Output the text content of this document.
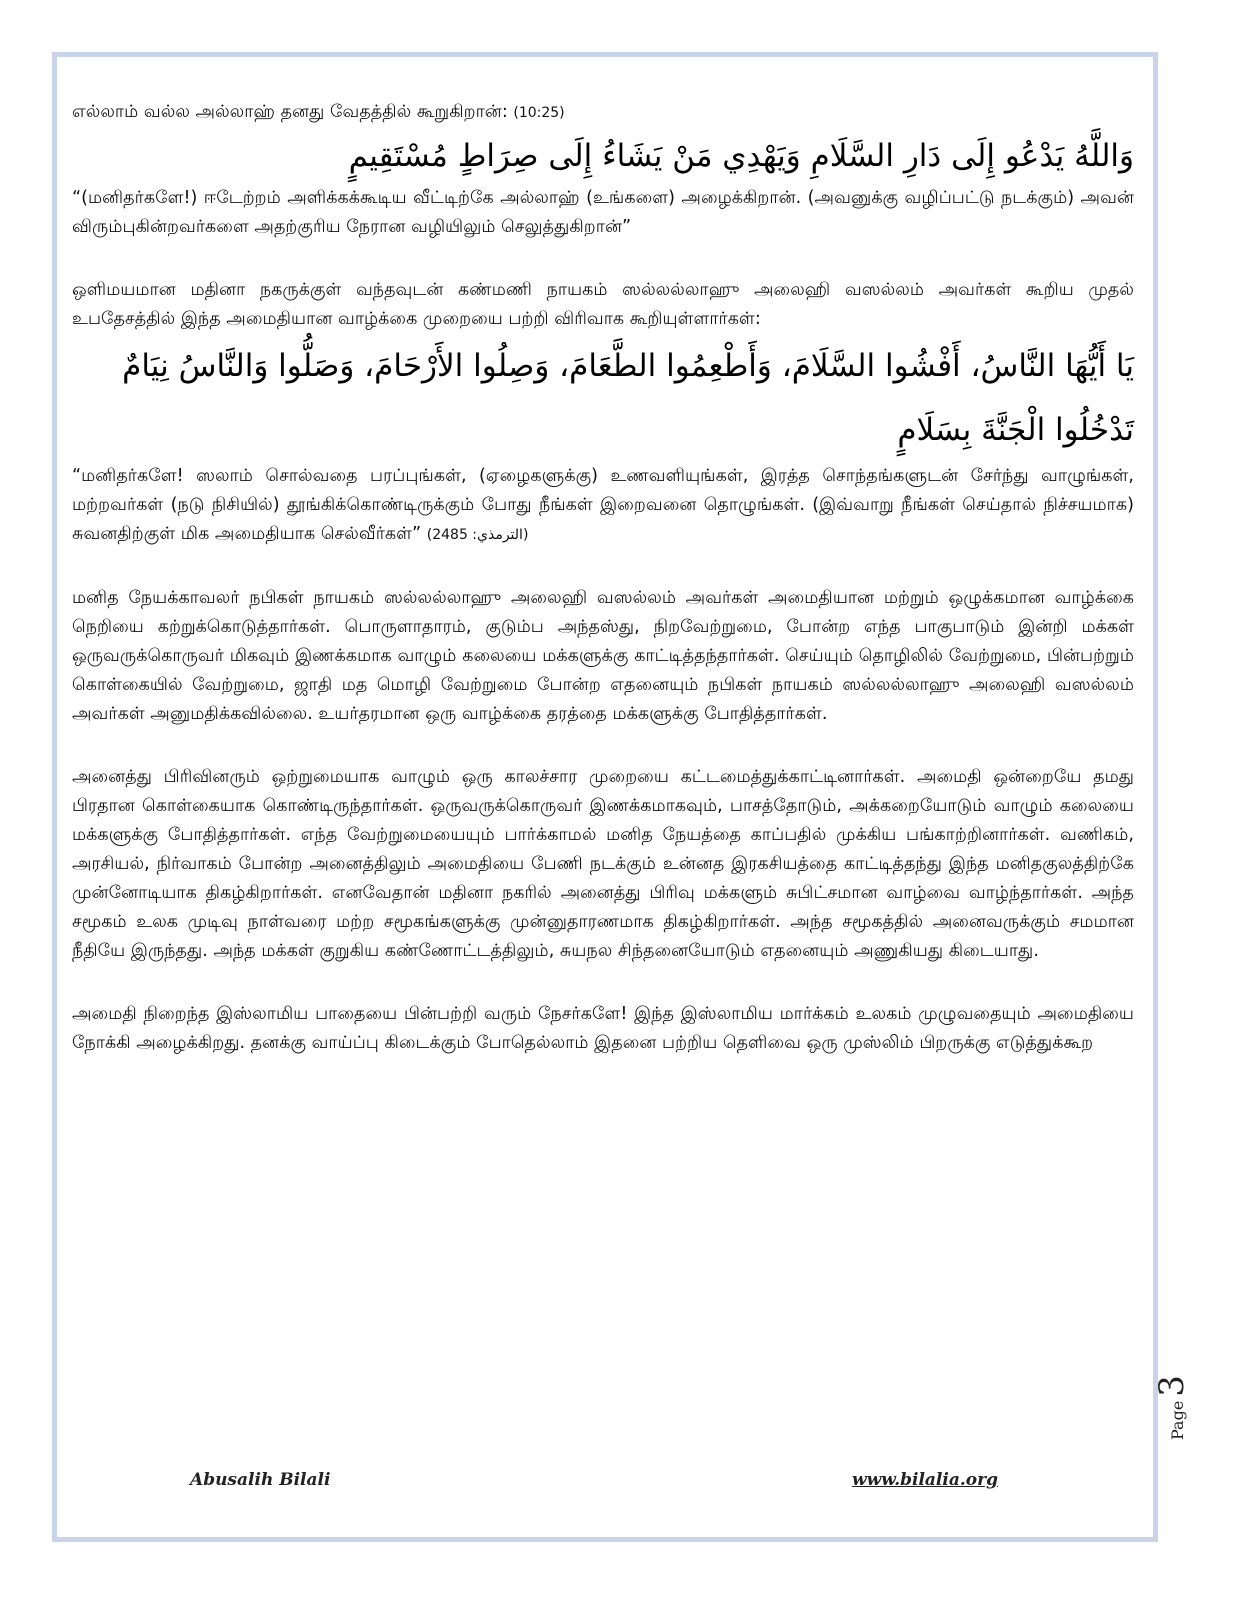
எல்லாம் வல்ல அல்லாஹ் தனது வேதத்தில் கூறுகிறான்: (10:25)

وَاللَّهُ يَدْعُو إِلَى دَارِ السَّلَامِ وَيَهْدِي مَنْ يَشَاءُ إِلَى صِرَاطٍ مُسْتَقِيمٍ

“(மனிதர்களே!) ஈடேற்றம் அளிக்கக்கூடிய வீட்டிற்கே அல்லாஹ் (உங்களை) அழைக்கிறான். (அவனுக்கு வழிப்பட்டு நடக்கும்) அவன் விரும்புகின்றவர்களை அதற்குரிய நேரான வழியிலும் செலுத்துகிறான்”

ஒளிமயமான மதினா நகருக்குள் வந்தவுடன் கண்மணி நாயகம் ஸல்லல்லாஹு அலைஹி வஸல்லம் அவர்கள் கூறிய முதல் உபதேசத்தில் இந்த அமைதியான வாழ்க்கை முறையை பற்றி விரிவாக கூறியுள்ளார்கள்:

يَا أَيُّهَا النَّاسُ، أَفْشُوا السَّلَامَ، وَأَطْعِمُوا الطَّعَامَ، وَصِلُوا الأَرْحَامَ، وَصَلُّوا وَالنَّاسُ نِيَامٌ
تَدْخُلُوا الْجَنَّةَ بِسَلَامٍ

“மனிதர்களே! ஸலாம் சொல்வதை பரப்புங்கள், (ஏழைகளுக்கு) உணவளியுங்கள், இரத்த சொந்தங்களுடன் சேர்ந்து வாழுங்கள், மற்றவர்கள் (நடு நிசியில்) தூங்கிக்கொண்டிருக்கும் போது நீங்கள் இறைவனை தொழுங்கள். (இவ்வாறு நீங்கள் செய்தால் நிச்சயமாக) சுவனதிற்குள் மிக அமைதியாக செல்வீர்கள்” (الترمذي: 2485)

மனித நேயக்காவலர் நபிகள் நாயகம் ஸல்லல்லாஹு அலைஹி வஸல்லம் அவர்கள் அமைதியான மற்றும் ஒழுக்கமான வாழ்க்கை நெறியை கற்றுக்கொடுத்தார்கள். பொருளாதாரம், குடும்ப அந்தஸ்து, நிறவேற்றுமை, போன்ற எந்த பாகுபாடும் இன்றி மக்கள் ஒருவருக்கொருவர் மிகவும் இணக்கமாக வாழும் கலையை மக்களுக்கு காட்டித்தந்தார்கள். செய்யும் தொழிலில் வேற்றுமை, பின்பற்றும் கொள்கையில் வேற்றுமை, ஜாதி மத மொழி வேற்றுமை போன்ற எதனையும் நபிகள் நாயகம் ஸல்லல்லாஹு அலைஹி வஸல்லம் அவர்கள் அனுமதிக்கவில்லை. உயர்தரமான ஒரு வாழ்க்கை தரத்தை மக்களுக்கு போதித்தார்கள்.

அனைத்து பிரிவினரும் ஒற்றுமையாக வாழும் ஒரு காலச்சார முறையை கட்டமைத்துக்காட்டினார்கள். அமைதி ஒன்றையே தமது பிரதான கொள்கையாக கொண்டிருந்தார்கள். ஒருவருக்கொருவர் இணக்கமாகவும், பாசத்தோடும், அக்கறையோடும் வாழும் கலையை மக்களுக்கு போதித்தார்கள். எந்த வேற்றுமையையும் பார்க்காமல் மனித நேயத்தை காப்பதில் முக்கிய பங்காற்றினார்கள். வணிகம், அரசியல், நிர்வாகம் போன்ற அனைத்திலும் அமைதியை பேணி நடக்கும் உன்னத இரகசியத்தை காட்டித்தந்து இந்த மனிதகுலத்திற்கே முன்னோடியாக திகழ்கிறார்கள். எனவேதான் மதினா நகரில் அனைத்து பிரிவு மக்களும் சுபிட்சமான வாழ்வை வாழ்ந்தார்கள். அந்த சமூகம் உலக முடிவு நாள்வரை மற்ற சமூகங்களுக்கு முன்னுதாரணமாக திகழ்கிறார்கள். அந்த சமூகத்தில் அனைவருக்கும் சமமான நீதியே இருந்தது. அந்த மக்கள் குறுகிய கண்ணோட்டத்திலும், சுயநல சிந்தனையோடும் எதனையும் அணுகியது கிடையாது.

அமைதி நிறைந்த இஸ்லாமிய பாதையை பின்பற்றி வரும் நேசர்களே! இந்த இஸ்லாமிய மார்க்கம் உலகம் முழுவதையும் அமைதியை நோக்கி அழைக்கிறது. தனக்கு வாய்ப்பு கிடைக்கும் போதெல்லாம் இதனை பற்றிய தெளிவை ஒரு முஸ்லிம் பிறருக்கு எடுத்துக்கூற

Abusalih Bilali	www.bilalia.org
Page3
